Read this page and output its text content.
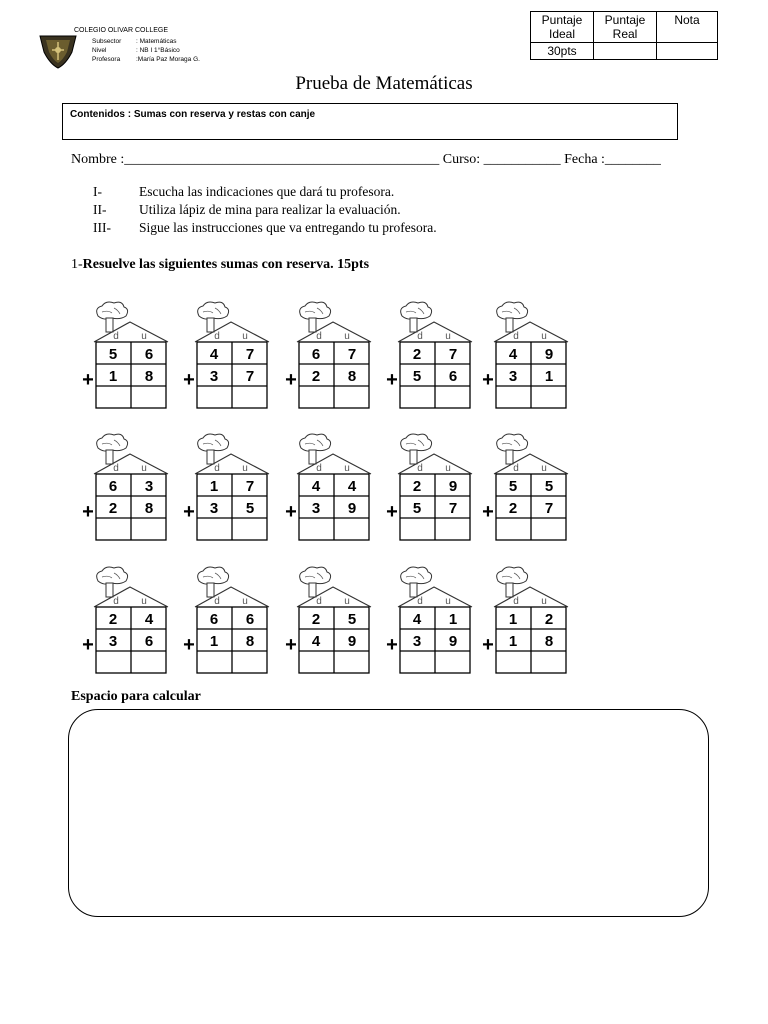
COLEGIO OLIVAR COLLEGE
Subsector	: Matemáticas
Nivel	: NB I 1°Básico
Profesora	:María Paz Moraga G.
Puntaje Ideal	Puntaje Real	Nota
30pts		
Prueba de Matemáticas
Contenidos : Sumas con reserva y restas con canje
Nombre :_____________________________________________ Curso: ___________ Fecha :________
I-	Escucha las indicaciones que dará tu profesora.
II- Utiliza lápiz de mina para realizar la evaluación.
III- Sigue las instrucciones que va entregando tu profesora.
1-Resuelve las siguientes sumas con reserva. 15pts
d u
5 6
1 8
+
d u
4 7
3 7
+
d u
6 7
2 8
+
d u
2 7
5 6
+
d u
4 9
3 1
+
d u
6 3
2 8
+
d u
1 7
3 5
+
d u
4 4
3 9
+
d u
2 9
5 7
+
d u
5 5
2 7
+
d u
2 4
3 6
+
d u
6 6
1 8
+
d u
2 5
4 9
+
d u
4 1
3 9
+
d u
1 2
1 8
+
Espacio para calcular
